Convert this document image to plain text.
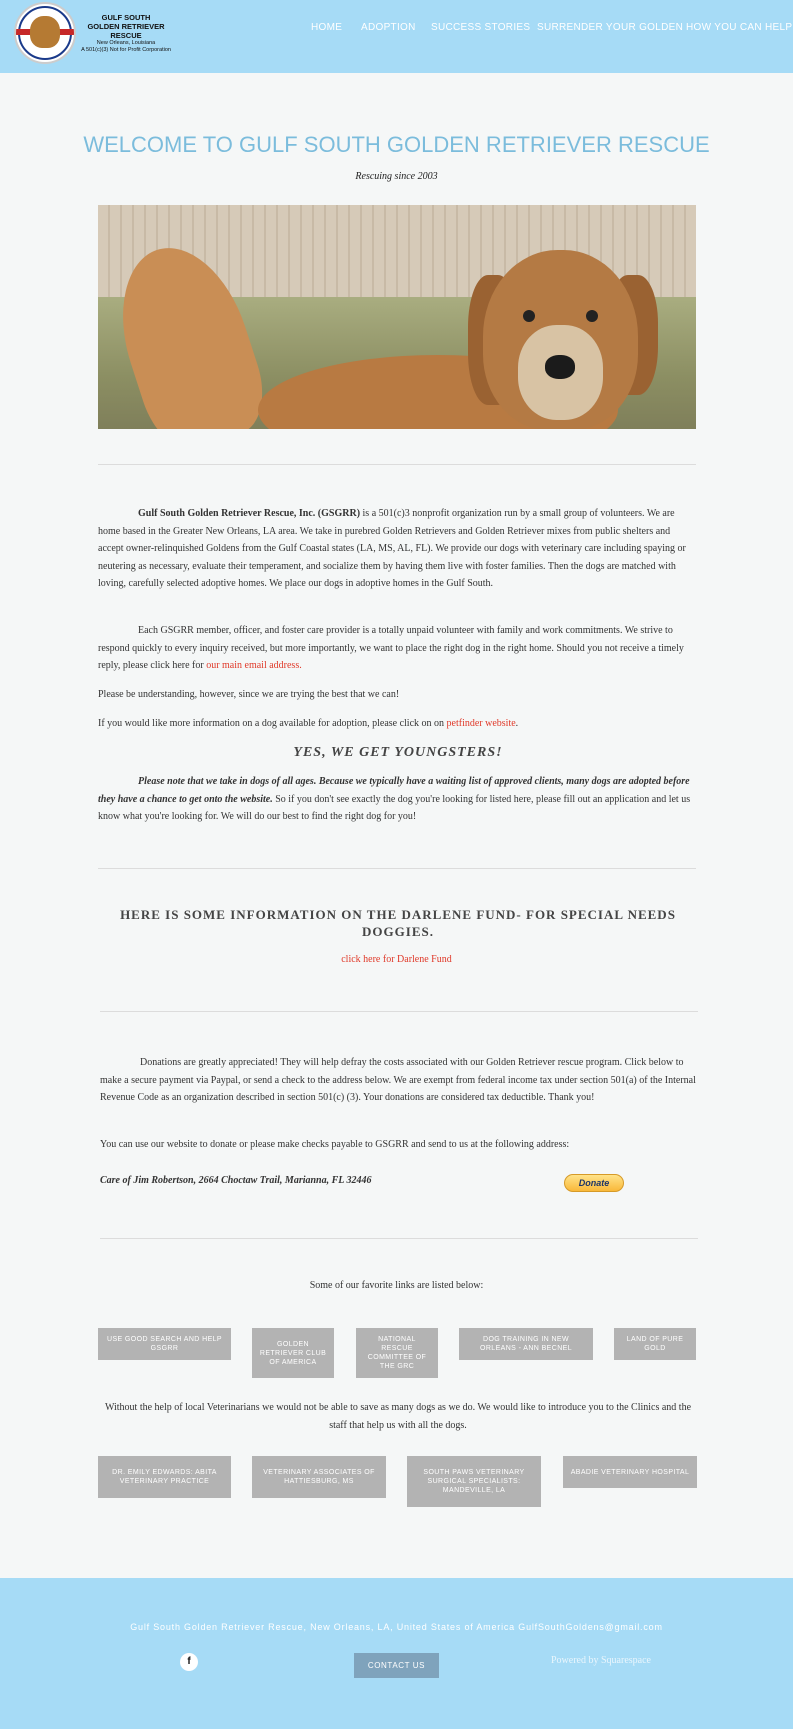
GULF SOUTH
GOLDEN RETRIEVER RESCUE
New Orleans, Louisiana
A 501(c)(3) Not for Profit Corporation
HOME ADOPTION SUCCESS STORIES SURRENDER YOUR GOLDEN HOW YOU CAN HELP
WELCOME TO GULF SOUTH GOLDEN RETRIEVER RESCUE
Rescuing since 2003
Gulf South Golden Retriever Rescue, Inc. (GSGRR) is a 501(c)3 nonprofit organization run by a small group of volunteers. We are home based in the Greater New Orleans, LA area. We take in purebred Golden Retrievers and Golden Retriever mixes from public shelters and accept owner-relinquished Goldens from the Gulf Coastal states (LA, MS, AL, FL). We provide our dogs with veterinary care including spaying or neutering as necessary, evaluate their temperament, and socialize them by having them live with foster families. Then the dogs are matched with loving, carefully selected adoptive homes. We place our dogs in adoptive homes in the Gulf South.
Each GSGRR member, officer, and foster care provider is a totally unpaid volunteer with family and work commitments. We strive to respond quickly to every inquiry received, but more importantly, we want to place the right dog in the right home. Should you not receive a timely reply, please click here for our main email address.
Please be understanding, however, since we are trying the best that we can!
If you would like more information on a dog available for adoption, please click on on petfinder website.
YES, WE GET YOUNGSTERS!
Please note that we take in dogs of all ages. Because we typically have a waiting list of approved clients, many dogs are adopted before they have a chance to get onto the website. So if you don't see exactly the dog you're looking for listed here, please fill out an application and let us know what you're looking for. We will do our best to find the right dog for you!
HERE IS SOME INFORMATION ON THE DARLENE FUND- FOR SPECIAL NEEDS DOGGIES.
click here for Darlene Fund
Donations are greatly appreciated! They will help defray the costs associated with our Golden Retriever rescue program. Click below to make a secure payment via Paypal, or send a check to the address below. We are exempt from federal income tax under section 501(a) of the Internal Revenue Code as an organization described in section 501(c) (3). Your donations are considered tax deductible. Thank you!
You can use our website to donate or please make checks payable to GSGRR and send to us at the following address:
Care of Jim Robertson, 2664 Choctaw Trail, Marianna, FL 32446	Donate
Some of our favorite links are listed below:
USE GOOD SEARCH AND HELP GSGRR
GOLDEN RETRIEVER CLUB OF AMERICA
NATIONAL RESCUE COMMITTEE OF THE GRC
DOG TRAINING IN NEW ORLEANS - ANN BECNEL
LAND OF PURE GOLD
Without the help of local Veterinarians we would not be able to save as many dogs as we do. We would like to introduce you to the Clinics and the staff that help us with all the dogs.
DR. EMILY EDWARDS: ABITA VETERINARY PRACTICE
VETERINARY ASSOCIATES OF HATTIESBURG, MS
SOUTH PAWS VETERINARY SURGICAL SPECIALISTS: MANDEVILLE, LA
ABADIE VETERINARY HOSPITAL
Gulf South Golden Retriever Rescue, New Orleans, LA, United States of America GulfSouthGoldens@gmail.com
f	CONTACT US	Powered by Squarespace
